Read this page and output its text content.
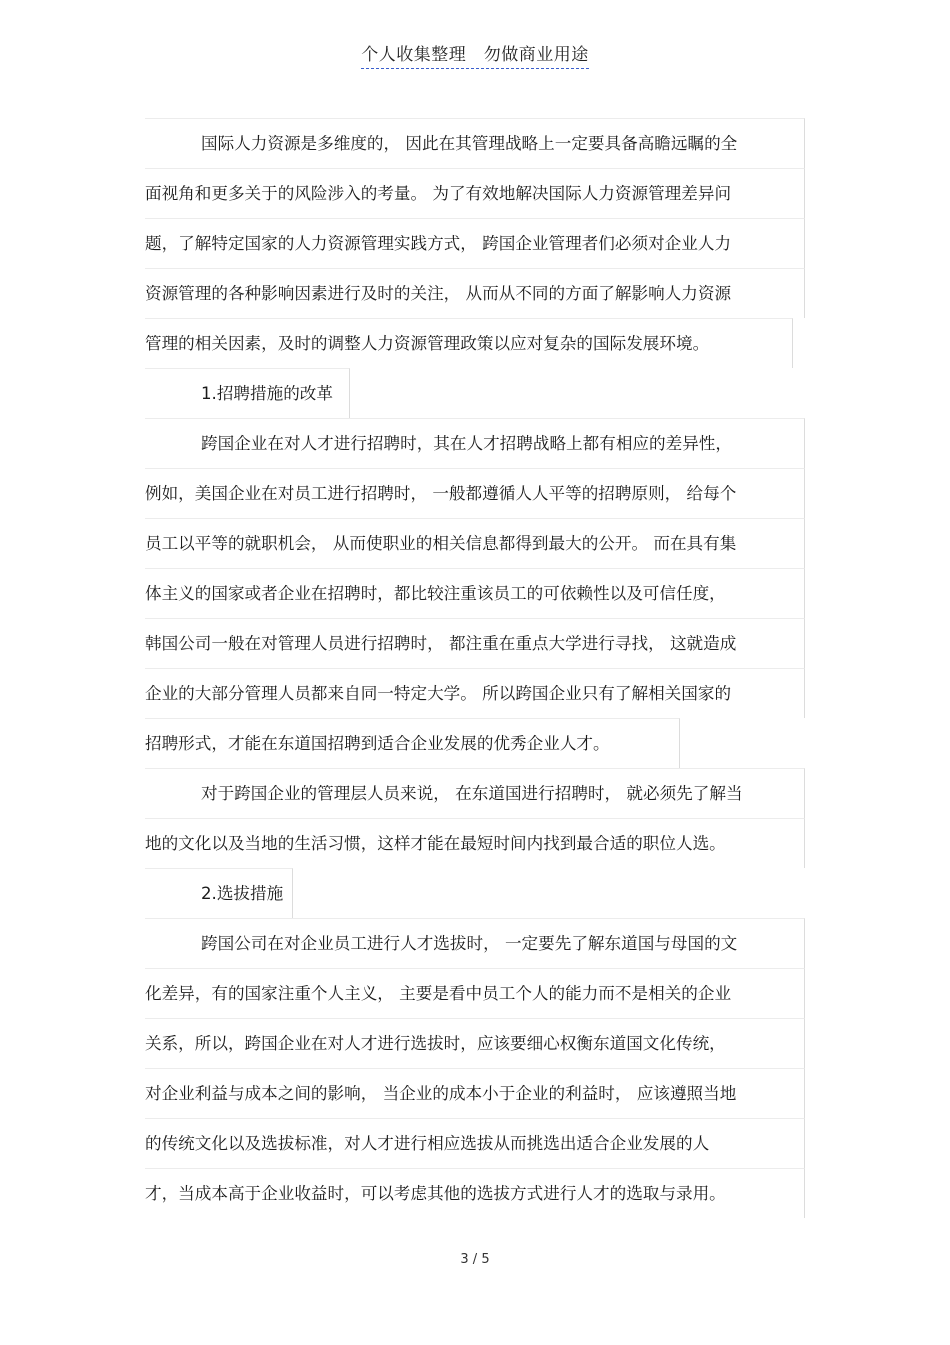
个人收集整理　勿做商业用途
国际人力资源是多维度的， 因此在其管理战略上一定要具备高瞻远瞩的全
面视角和更多关于的风险涉入的考量。 为了有效地解决国际人力资源管理差异问
题，了解特定国家的人力资源管理实践方式， 跨国企业管理者们必须对企业人力
资源管理的各种影响因素进行及时的关注， 从而从不同的方面了解影响人力资源
管理的相关因素，及时的调整人力资源管理政策以应对复杂的国际发展环境。
1.招聘措施的改革
跨国企业在对人才进行招聘时，其在人才招聘战略上都有相应的差异性，
例如，美国企业在对员工进行招聘时， 一般都遵循人人平等的招聘原则， 给每个
员工以平等的就职机会， 从而使职业的相关信息都得到最大的公开。 而在具有集
体主义的国家或者企业在招聘时，都比较注重该员工的可依赖性以及可信任度，
韩国公司一般在对管理人员进行招聘时， 都注重在重点大学进行寻找， 这就造成
企业的大部分管理人员都来自同一特定大学。 所以跨国企业只有了解相关国家的
招聘形式，才能在东道国招聘到适合企业发展的优秀企业人才。
对于跨国企业的管理层人员来说， 在东道国进行招聘时， 就必须先了解当
地的文化以及当地的生活习惯，这样才能在最短时间内找到最合适的职位人选。
2.选拔措施
跨国公司在对企业员工进行人才选拔时， 一定要先了解东道国与母国的文
化差异，有的国家注重个人主义， 主要是看中员工个人的能力而不是相关的企业
关系，所以，跨国企业在对人才进行选拔时，应该要细心权衡东道国文化传统，
对企业利益与成本之间的影响， 当企业的成本小于企业的利益时， 应该遵照当地
的传统文化以及选拔标准，对人才进行相应选拔从而挑选出适合企业发展的人
才，当成本高于企业收益时，可以考虑其他的选拔方式进行人才的选取与录用。
3 / 5
